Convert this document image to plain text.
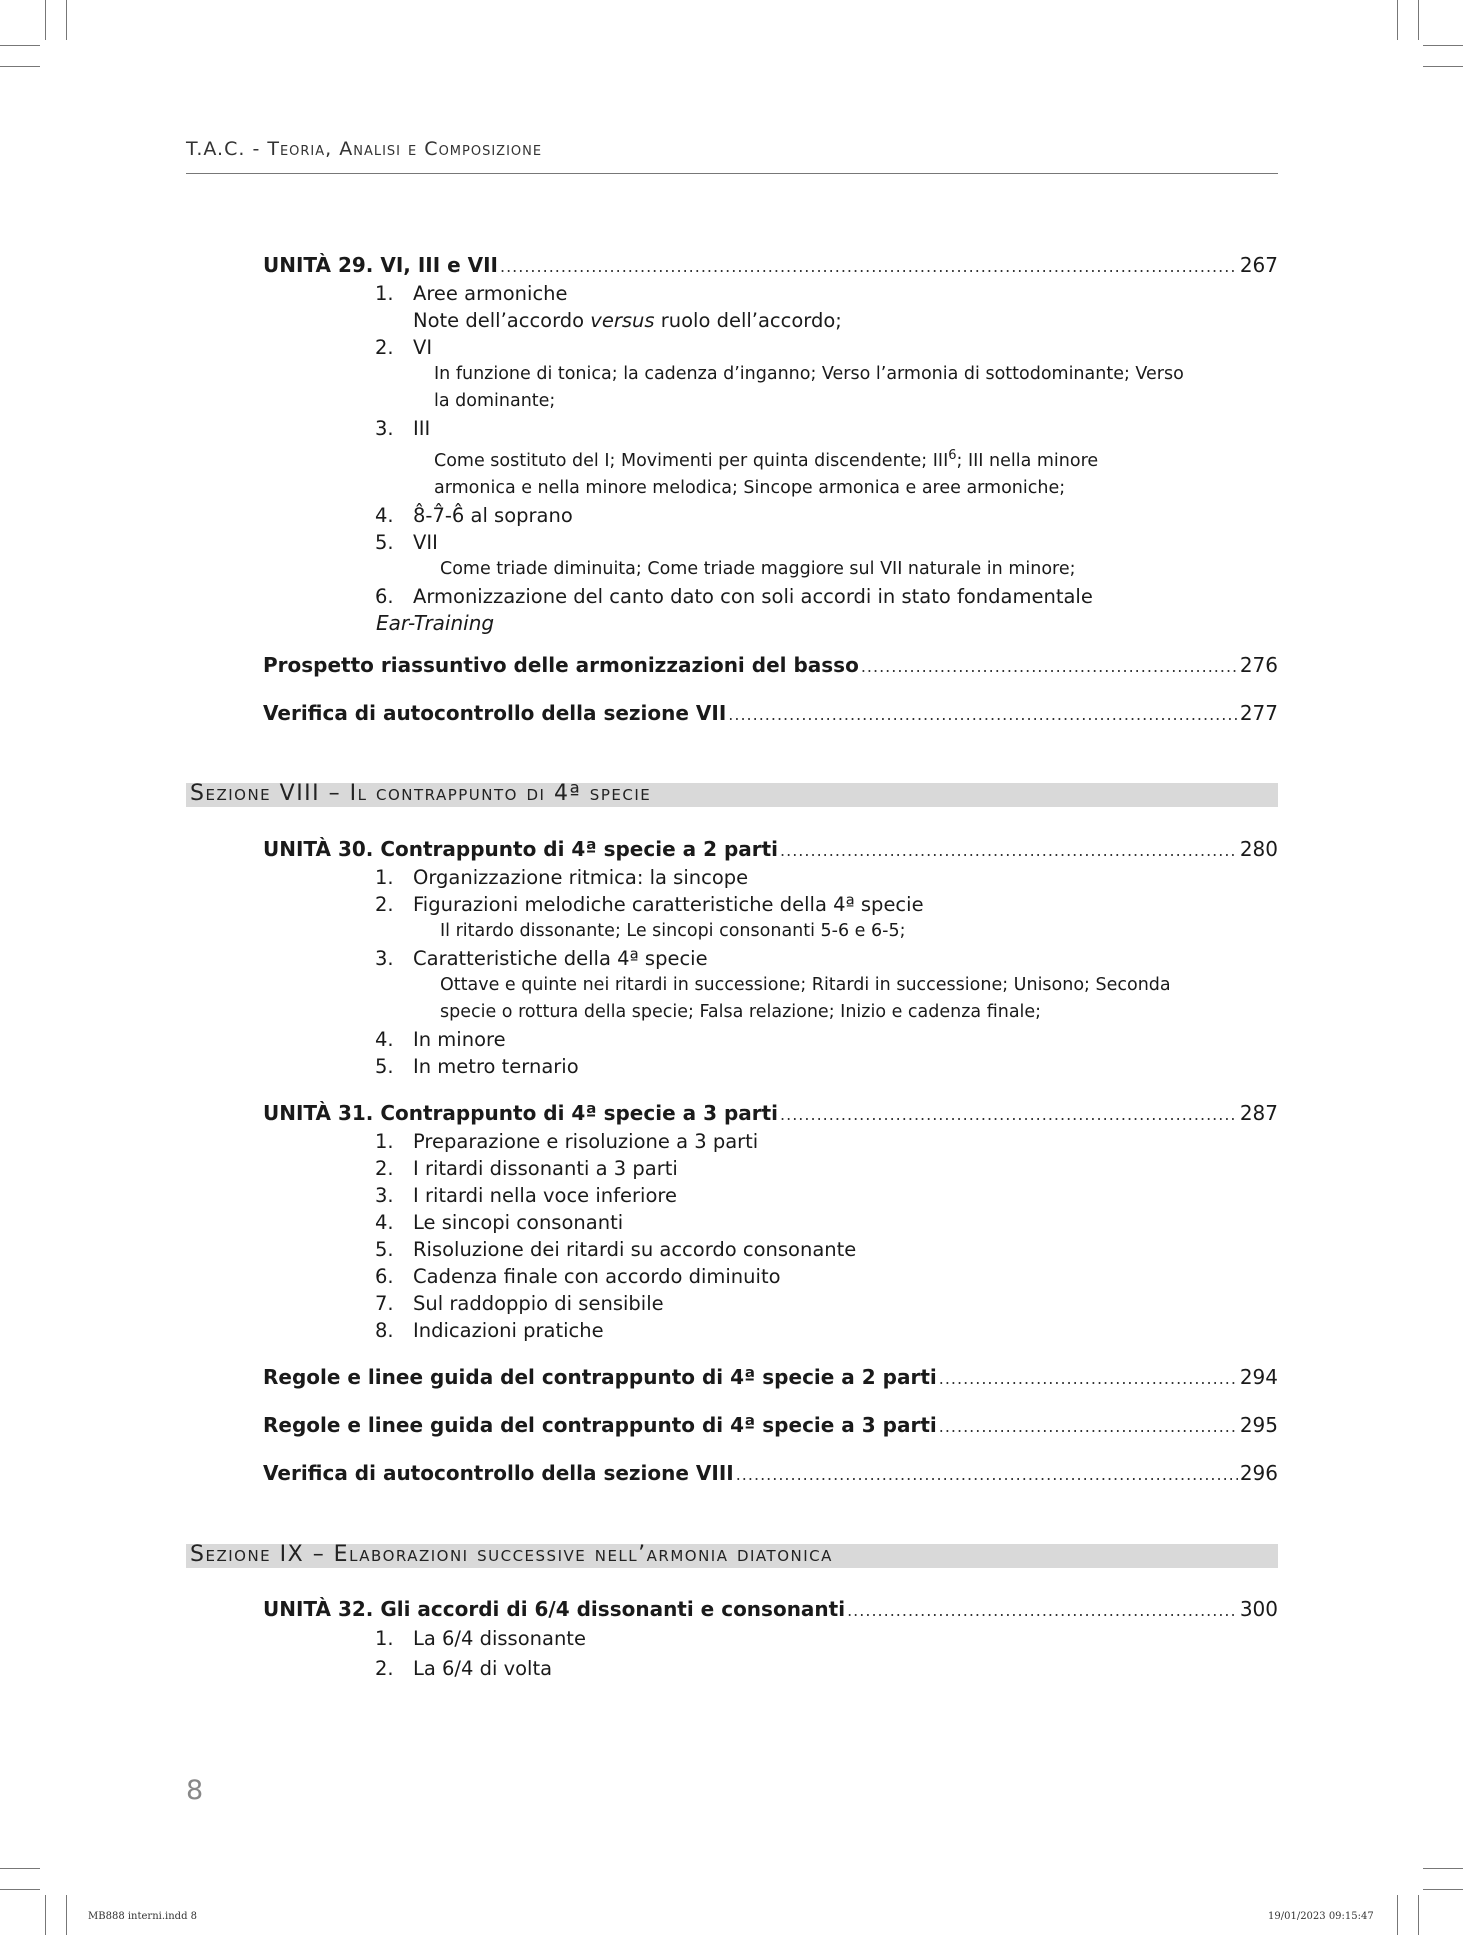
T.A.C. - Teoria, Analisi e Composizione
UNITÀ 29. VI, III e VII .....	267
1. Aree armoniche
Note dell’accordo versus ruolo dell’accordo;
2. VI
In funzione di tonica; la cadenza d’inganno; Verso l’armonia di sottodominante; Verso
la dominante;
3. III
Come sostituto del I; Movimenti per quinta discendente; III$^6$; III nella minore
armonica e nella minore melodica; Sincope armonica e aree armoniche;
4. 8̂-7̂-6̂ al soprano
5. VII
Come triade diminuita; Come triade maggiore sul VII naturale in minore;
6. Armonizzazione del canto dato con soli accordi in stato fondamentale
Ear-Training
Prospetto riassuntivo delle armonizzazioni del basso .....	276
Verifica di autocontrollo della sezione VII .....	277
Sezione VIII – Il contrappunto di 4ª specie
UNITÀ 30. Contrappunto di 4ª specie a 2 parti .....	280
1. Organizzazione ritmica: la sincope
2. Figurazioni melodiche caratteristiche della 4ª specie
Il ritardo dissonante; Le sincopi consonanti 5-6 e 6-5;
3. Caratteristiche della 4ª specie
Ottave e quinte nei ritardi in successione; Ritardi in successione; Unisono; Seconda
specie o rottura della specie; Falsa relazione; Inizio e cadenza finale;
4. In minore
5. In metro ternario
UNITÀ 31. Contrappunto di 4ª specie a 3 parti .....	287
1. Preparazione e risoluzione a 3 parti
2. I ritardi dissonanti a 3 parti
3. I ritardi nella voce inferiore
4. Le sincopi consonanti
5. Risoluzione dei ritardi su accordo consonante
6. Cadenza finale con accordo diminuito
7. Sul raddoppio di sensibile
8. Indicazioni pratiche
Regole e linee guida del contrappunto di 4ª specie a 2 parti .....	294
Regole e linee guida del contrappunto di 4ª specie a 3 parti .....	295
Verifica di autocontrollo della sezione VIII .....	296
Sezione IX – Elaborazioni successive nell’armonia diatonica
UNITÀ 32. Gli accordi di 6/4 dissonanti e consonanti .....	300
1. La 6/4 dissonante
2. La 6/4 di volta
8
MB888 interni.indd 8	19/01/2023 09:15:47
